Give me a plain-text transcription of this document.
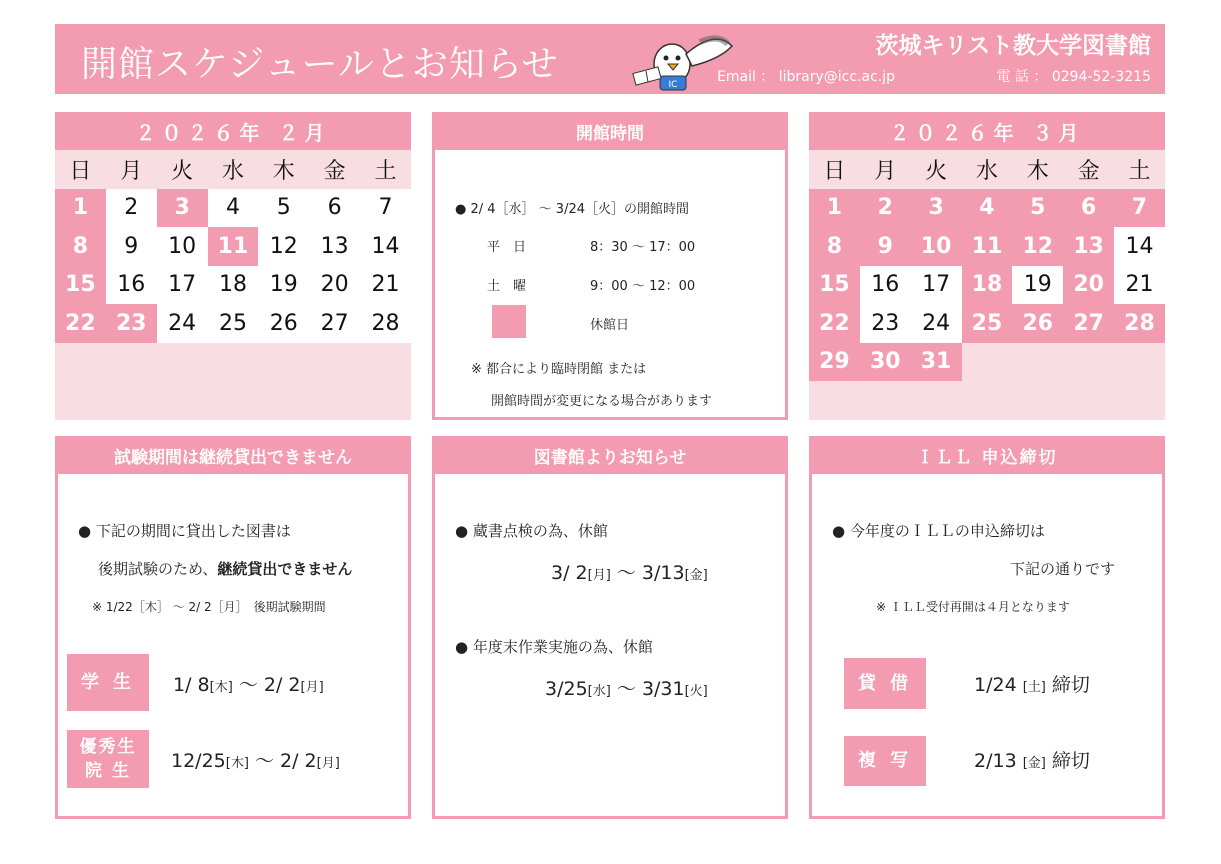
開館スケジュールとお知らせ	IC
茨城キリスト教大学図書館
Email ： library@icc.ac.jp	電 話 ： 0294-52-3215
２０２６年 ２月
日	月	火	水	木	金	土
1	2	3	4	5	6	7
8	9	10 11 12	13	14
15 16	17	18	19	20	21
22 23 24	25	26	27	28
２０２６年 ３月
日	月	火	水	木	金	土
1	2	3	4	5	6	7
8	9	10 11 12 13 14
15 16	17 18 19 20 21
22 23	24 25 26 27 28
29 30 31
開館時間
● 2/ 4［水］ ～ 3/24［火］の開館時間
平　日	8：30 ～ 17：00
土　曜	9：00 ～ 12：00
休館日
※ 都合により臨時閉館 または
開館時間が変更になる場合があります
試験期間は継続貸出できません
● 下記の期間に貸出した図書は
後期試験のため、継続貸出できません
※ 1/22［木］ ～ 2/ 2［月］　後期試験期間
学 生	1/ 8[木] ～ 2/ 2[月]
優秀生
院 生 12/25[木] ～ 2/ 2[月]
図書館よりお知らせ
● 蔵書点検の為、休館
3/ 2[月] ～ 3/13[金]
● 年度末作業実施の為、休館
3/25[水] ～ 3/31[火]
ＩＬＬ 申込締切
● 今年度のＩＬＬの申込締切は
下記の通りです
※ ＩＬＬ受付再開は４月となります
貸 借	1/24 [土] 締切
複 写	2/13 [金] 締切
